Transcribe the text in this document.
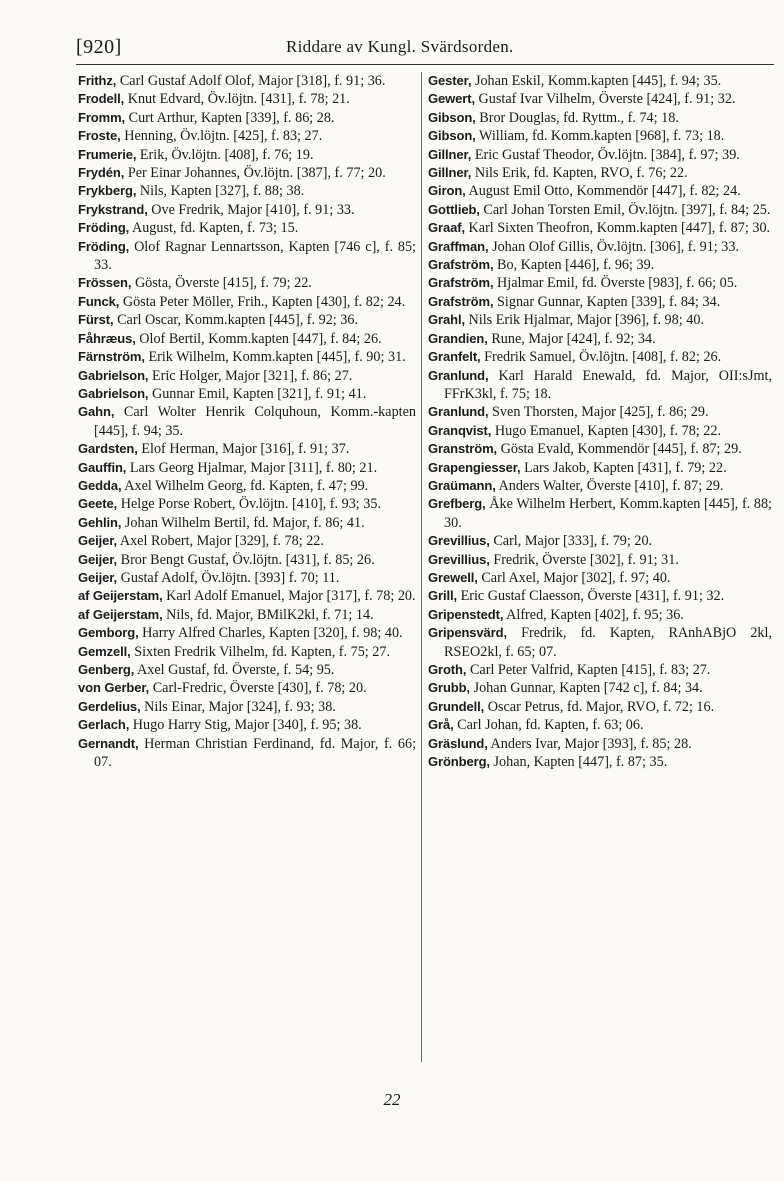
[920]	Riddare av Kungl. Svärdsorden.

Frithz, Carl Gustaf Adolf Olof, Major [318], f. 91; 36.

Frodell, Knut Edvard, Öv.löjtn. [431], f. 78; 21.

Fromm, Curt Arthur, Kapten [339], f. 86; 28.

Froste, Henning, Öv.löjtn. [425], f. 83; 27.

Frumerie, Erik, Öv.löjtn. [408], f. 76; 19.

Frydén, Per Einar Johannes, Öv.löjtn. [387], f. 77; 20.

Frykberg, Nils, Kapten [327], f. 88; 38.

Frykstrand, Ove Fredrik, Major [410], f. 91; 33.

Fröding, August, fd. Kapten, f. 73; 15.

Fröding, Olof Ragnar Lennartsson, Kapten [746 c], f. 85; 33.

Frössen, Gösta, Överste [415], f. 79; 22.

Funck, Gösta Peter Möller, Frih., Kapten [430], f. 82; 24.

Fürst, Carl Oscar, Komm.kapten [445], f. 92; 36.

Fåhræus, Olof Bertil, Komm.kapten [447], f. 84; 26.

Färnström, Erik Wilhelm, Komm.kapten [445], f. 90; 31.

Gabrielson, Eric Holger, Major [321], f. 86; 27.

Gabrielson, Gunnar Emil, Kapten [321], f. 91; 41.

Gahn, Carl Wolter Henrik Colquhoun, Komm.-kapten [445], f. 94; 35.

Gardsten, Elof Herman, Major [316], f. 91; 37.

Gauffin, Lars Georg Hjalmar, Major [311], f. 80; 21.

Gedda, Axel Wilhelm Georg, fd. Kapten, f. 47; 99.

Geete, Helge Porse Robert, Öv.löjtn. [410], f. 93; 35.

Gehlin, Johan Wilhelm Bertil, fd. Major, f. 86; 41.

Geijer, Axel Robert, Major [329], f. 78; 22.

Geijer, Bror Bengt Gustaf, Öv.löjtn. [431], f. 85; 26.

Geijer, Gustaf Adolf, Öv.löjtn. [393] f. 70; 11.

af Geijerstam, Karl Adolf Emanuel, Major [317], f. 78; 20.

af Geijerstam, Nils, fd. Major, BMilK2kl, f. 71; 14.

Gemborg, Harry Alfred Charles, Kapten [320], f. 98; 40.

Gemzell, Sixten Fredrik Vilhelm, fd. Kapten, f. 75; 27.

Genberg, Axel Gustaf, fd. Överste, f. 54; 95.

von Gerber, Carl-Fredric, Överste [430], f. 78; 20.

Gerdelius, Nils Einar, Major [324], f. 93; 38.

Gerlach, Hugo Harry Stig, Major [340], f. 95; 38.

Gernandt, Herman Christian Ferdinand, fd. Major, f. 66; 07.

Gester, Johan Eskil, Komm.kapten [445], f. 94; 35.

Gewert, Gustaf Ivar Vilhelm, Överste [424], f. 91; 32.

Gibson, Bror Douglas, fd. Ryttm., f. 74; 18.

Gibson, William, fd. Komm.kapten [968], f. 73; 18.

Gillner, Eric Gustaf Theodor, Öv.löjtn. [384], f. 97; 39.

Gillner, Nils Erik, fd. Kapten, RVO, f. 76; 22.

Giron, August Emil Otto, Kommendör [447], f. 82; 24.

Gottlieb, Carl Johan Torsten Emil, Öv.löjtn. [397], f. 84; 25.

Graaf, Karl Sixten Theofron, Komm.kapten [447], f. 87; 30.

Graffman, Johan Olof Gillis, Öv.löjtn. [306], f. 91; 33.

Grafström, Bo, Kapten [446], f. 96; 39.

Grafström, Hjalmar Emil, fd. Överste [983], f. 66; 05.

Grafström, Signar Gunnar, Kapten [339], f. 84; 34.

Grahl, Nils Erik Hjalmar, Major [396], f. 98; 40.

Grandien, Rune, Major [424], f. 92; 34.

Granfelt, Fredrik Samuel, Öv.löjtn. [408], f. 82; 26.

Granlund, Karl Harald Enewald, fd. Major, OII:sJmt, FFrK3kl, f. 75; 18.

Granlund, Sven Thorsten, Major [425], f. 86; 29.

Granqvist, Hugo Emanuel, Kapten [430], f. 78; 22.

Granström, Gösta Evald, Kommendör [445], f. 87; 29.

Grapengiesser, Lars Jakob, Kapten [431], f. 79; 22.

Graümann, Anders Walter, Överste [410], f. 87; 29.

Grefberg, Åke Wilhelm Herbert, Komm.kapten [445], f. 88; 30.

Grevillius, Carl, Major [333], f. 79; 20.

Grevillius, Fredrik, Överste [302], f. 91; 31.

Grewell, Carl Axel, Major [302], f. 97; 40.

Grill, Eric Gustaf Claesson, Överste [431], f. 91; 32.

Gripenstedt, Alfred, Kapten [402], f. 95; 36.

Gripensvärd, Fredrik, fd. Kapten, RAnhABjO 2kl, RSEO2kl, f. 65; 07.

Groth, Carl Peter Valfrid, Kapten [415], f. 83; 27.

Grubb, Johan Gunnar, Kapten [742 c], f. 84; 34.

Grundell, Oscar Petrus, fd. Major, RVO, f. 72; 16.

Grå, Carl Johan, fd. Kapten, f. 63; 06.

Gräslund, Anders Ivar, Major [393], f. 85; 28.

Grönberg, Johan, Kapten [447], f. 87; 35.

22
